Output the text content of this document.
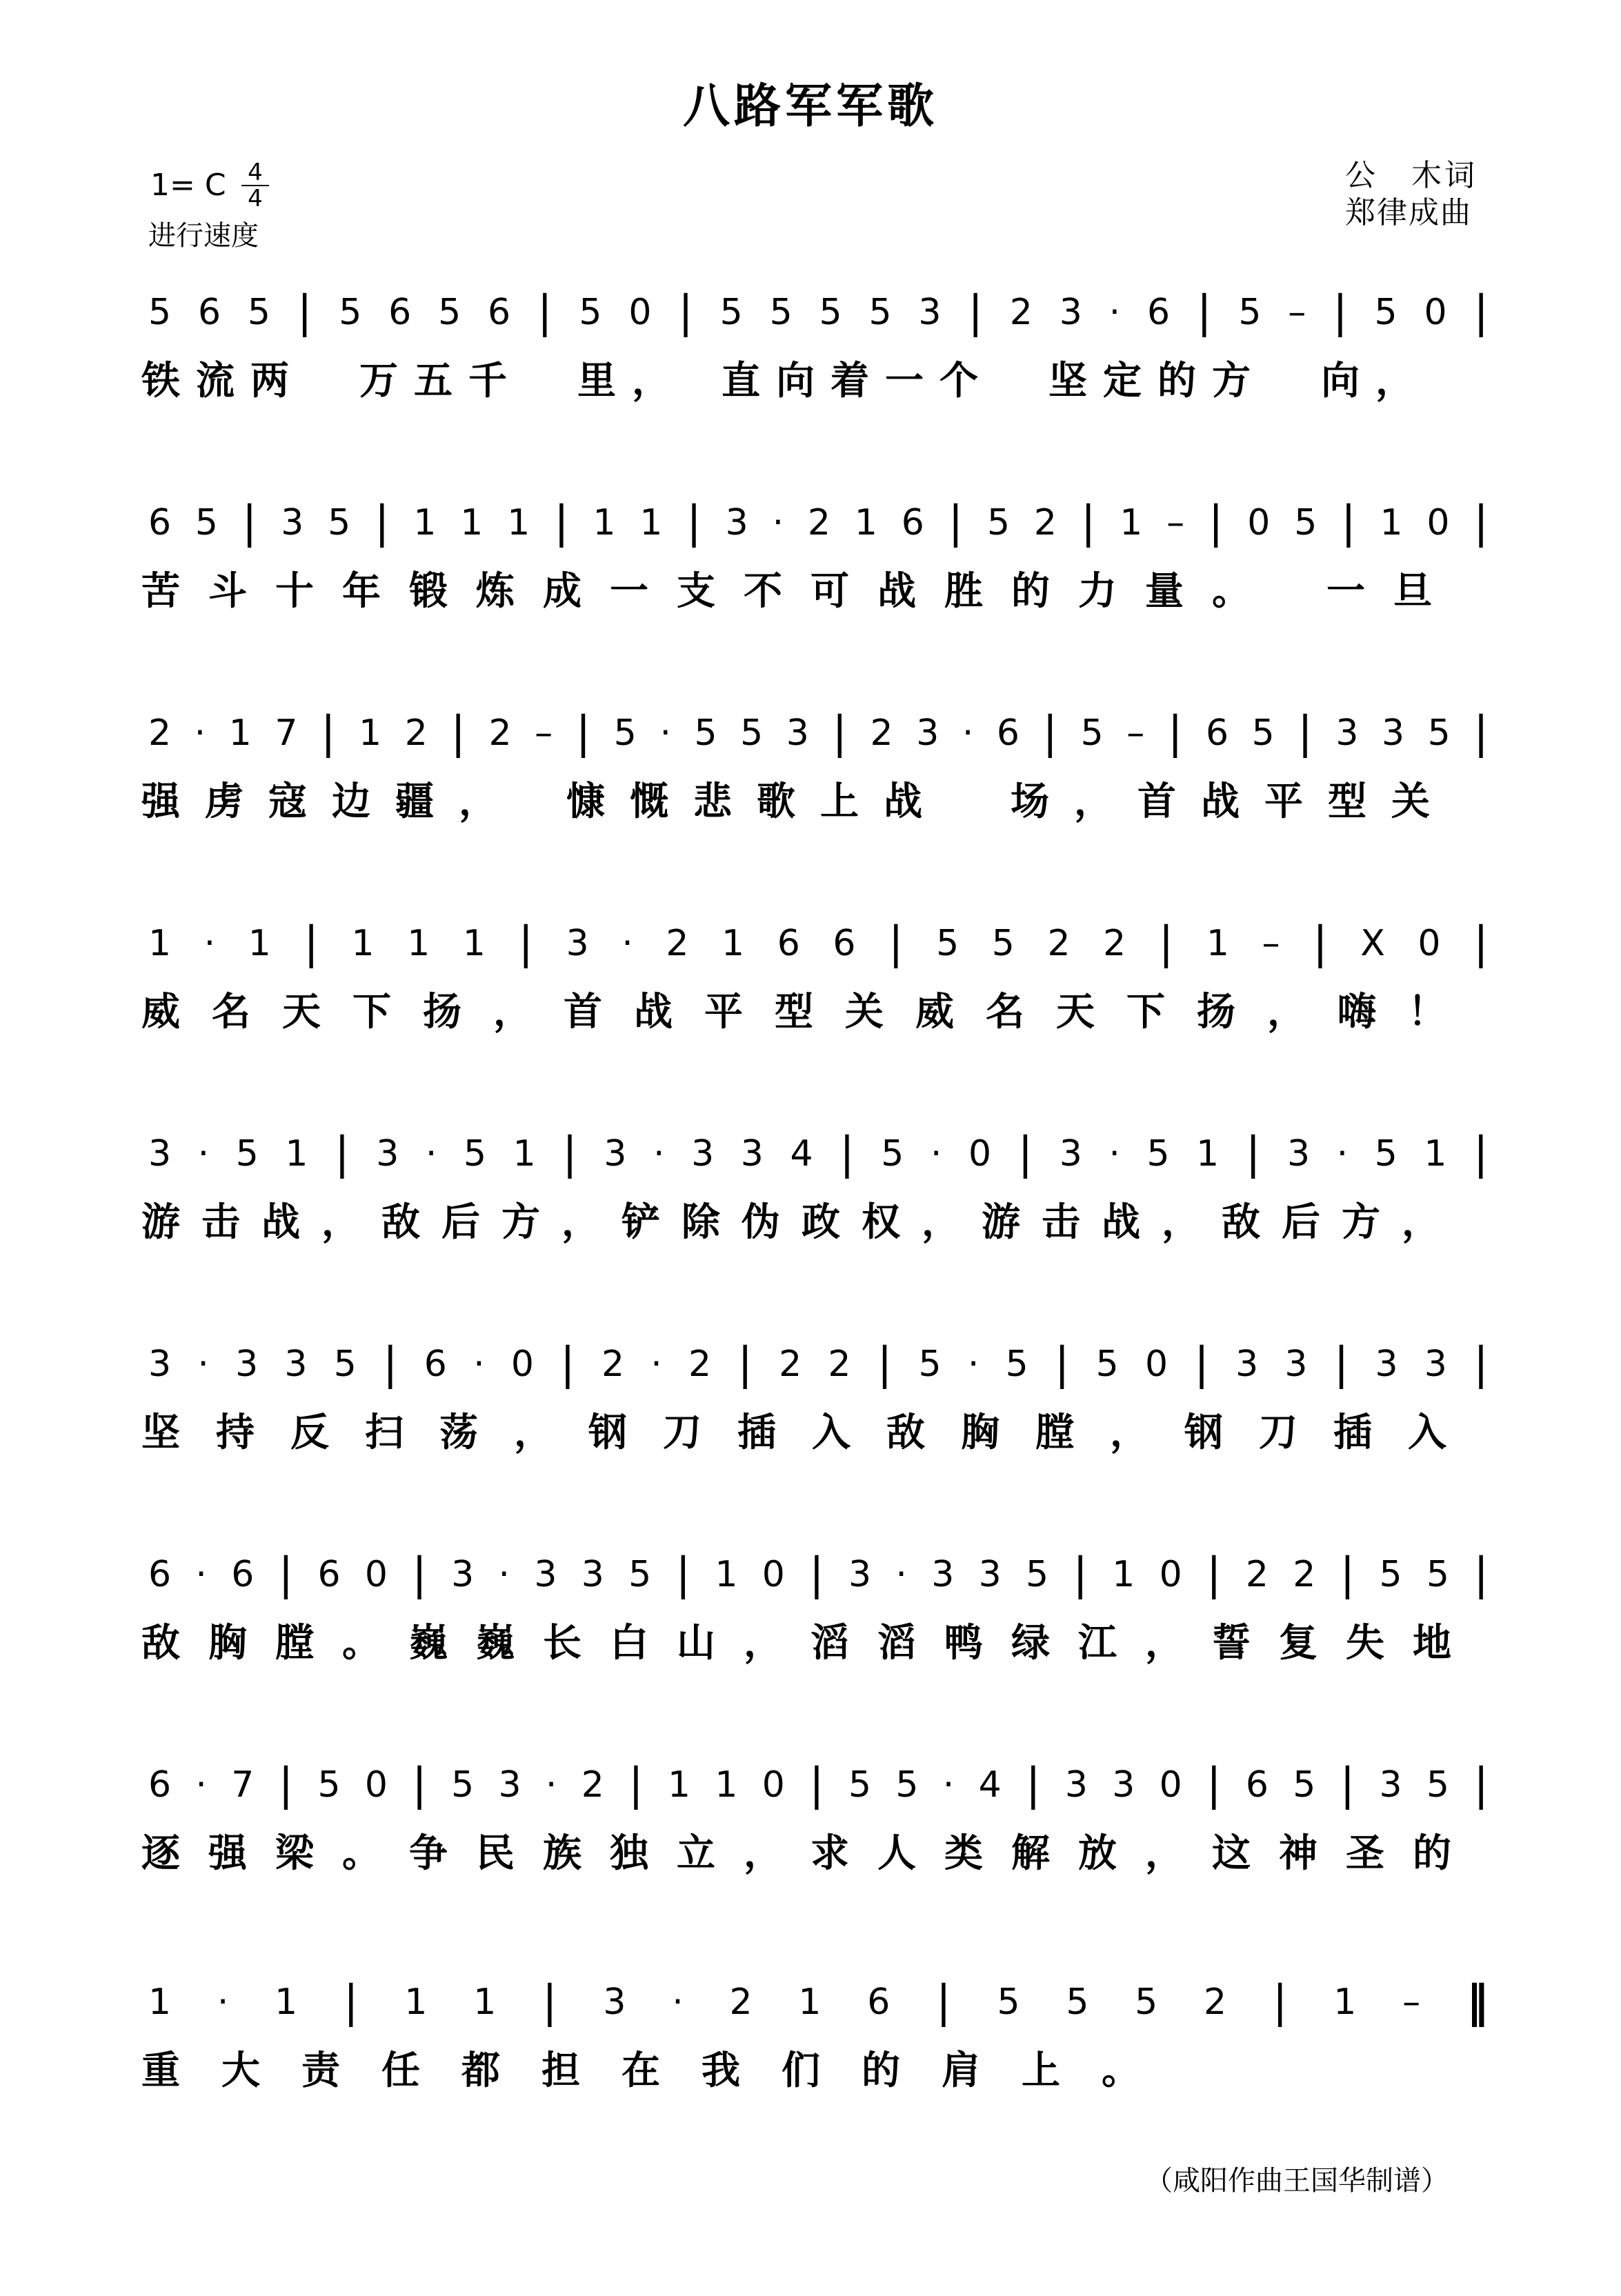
八路军军歌
1= C $\frac{4}{4}$
进行速度
公　木词
郑律成曲
5 6 5 | 5 6 5 6 | 5 0 | 5 5 5 5 3 | 2 3 · 6 | 5 – | 5 0 |
铁流两　万五千　里，　直向着一个　坚定的方　向，
6 5 | 3 5 | 1 1 1 | 1 1 | 3 · 2 1 6 | 5 2 | 1 – | 0 5 | 1 0 |
苦斗十年锻炼成一支不可战胜的力量。　一旦
2 · 1 7 | 1 2 | 2 – | 5 · 5 5 3 | 2 3 · 6 | 5 – | 6 5 | 3 3 5 |
强虏寇边疆，　慷慨悲歌上战　场，首战平型关
1 · 1 | 1 1 1 | 3 · 2 1 6 6 | 5 5 2 2 | 1 – | X 0 |
威名天下扬，首战平型关威名天下扬，嗨！
3 · 5 1 | 3 · 5 1 | 3 · 3 3 4 | 5 · 0 | 3 · 5 1 | 3 · 5 1 |
游击战，敌后方，铲除伪政权，游击战，敌后方，
3 · 3 3 5 | 6 · 0 | 2 · 2 | 2 2 | 5 · 5 | 5 0 | 3 3 | 3 3 |
坚持反扫荡，钢刀插入敌胸膛，钢刀插入
6 · 6 | 6 0 | 3 · 3 3 5 | 1 0 | 3 · 3 3 5 | 1 0 | 2 2 | 5 5 |
敌胸膛。巍巍长白山，滔滔鸭绿江，誓复失地
6 · 7 | 5 0 | 5 3 · 2 | 1 1 0 | 5 5 · 4 | 3 3 0 | 6 5 | 3 5 |
逐强梁。争民族独立，求人类解放，这神圣的
1 · 1 | 1 1 | 3 · 2 1 6 | 5 5 5 2 | 1 – ‖
重大责任都担在我们的肩上。
（咸阳作曲王国华制谱）
